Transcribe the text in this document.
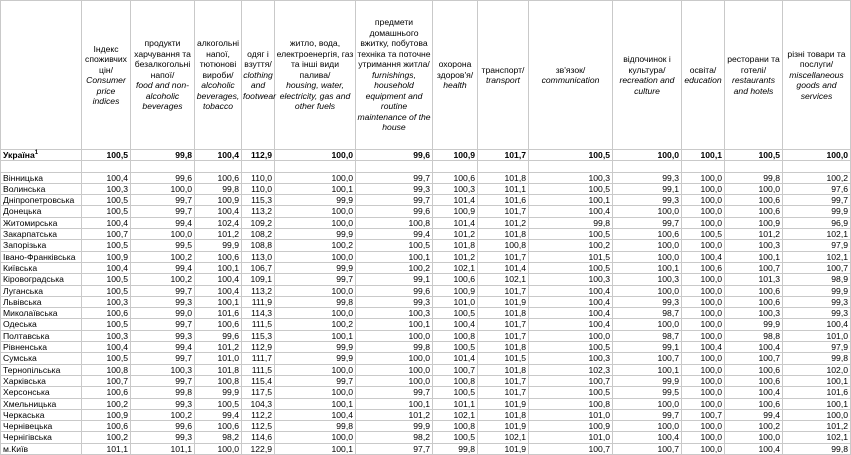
	Індекс споживчих цін/
Consumer price indices	продукти харчування та безалкогольні напої/
food and non-alcoholic beverages	алкогольні напої, тютюнові вироби/
alcoholic beverages, tobacco	одяг і взуття/
clothing and footwear	житло, вода, електроенергія, газ та інші види палива/
housing, water, electricity, gas and other fuels	предмети домашнього вжитку, побутова техніка та поточне утримання житла/
furnishings, household equipment and routine maintenance of the house	охорона здоров'я/
health	транспорт/
transport	зв'язок/
communication	відпочинок і культура/
recreation and culture	освіта/
education	ресторани та готелі/
restaurants and hotels	різні товари та послуги/
miscellaneous goods and services

Україна$^1$	100,5	99,8	100,4	112,9	100,0	99,6	100,9	101,7	100,5	100,0	100,1	100,5	100,0

Вінницька	100,4	99,6	100,6	110,0	100,0	99,7	100,6	101,8	100,3	99,3	100,0	99,8	100,2
Волинська	100,3	100,0	99,8	110,0	100,1	99,3	100,3	101,1	100,5	99,1	100,0	100,0	97,6
Дніпропетровська	100,5	99,7	100,9	115,3	99,9	99,7	101,4	101,6	100,1	99,3	100,0	100,6	99,7
Донецька	100,5	99,7	100,4	113,2	100,0	99,6	100,9	101,7	100,4	100,0	100,0	100,6	99,9
Житомирська	100,4	99,4	102,4	109,2	100,0	100,8	101,4	101,2	99,8	99,7	100,0	100,9	96,9
Закарпатська	100,7	100,0	101,2	108,2	99,9	99,4	101,2	101,8	100,5	100,6	100,5	101,2	102,1
Запорізька	100,5	99,5	99,9	108,8	100,2	100,5	101,8	100,8	100,2	100,0	100,0	100,3	97,9
Івано-Франківська	100,9	100,2	100,6	113,0	100,0	100,1	101,2	101,7	101,5	100,0	100,4	100,1	102,1
Київська	100,4	99,4	100,1	106,7	99,9	100,2	102,1	101,4	100,5	100,1	100,6	100,7	100,7
Кіровоградська	100,5	100,2	100,4	109,1	99,7	99,1	100,6	102,1	100,3	100,3	100,0	101,3	98,9
Луганська	100,5	99,7	100,4	113,2	100,0	99,6	100,9	101,7	100,4	100,0	100,0	100,6	99,9
Львівська	100,3	99,3	100,1	111,9	99,8	99,3	101,0	101,9	100,4	99,3	100,0	100,6	99,3
Миколаївська	100,6	99,0	101,6	114,3	100,0	100,3	100,5	101,8	100,4	98,7	100,0	100,3	99,3
Одеська	100,5	99,7	100,6	111,5	100,2	100,1	100,4	101,7	100,4	100,0	100,0	99,9	100,4
Полтавська	100,3	99,3	99,6	115,3	100,1	100,0	100,8	101,7	100,0	98,7	100,0	98,8	101,0
Рівненська	100,4	99,4	101,2	112,9	99,9	99,8	100,5	101,8	100,5	99,1	100,4	100,4	97,9
Сумська	100,5	99,7	101,0	111,7	99,9	100,0	101,4	101,5	100,3	100,7	100,0	100,7	99,8
Тернопільська	100,8	100,3	101,8	111,5	100,0	100,0	100,7	101,8	102,3	100,1	100,0	100,6	102,0
Харківська	100,7	99,7	100,8	115,4	99,7	100,0	100,8	101,7	100,7	99,9	100,0	100,6	100,1
Херсонська	100,6	99,8	99,9	117,5	100,0	99,7	100,5	101,7	100,5	99,5	100,0	100,4	101,6
Хмельницька	100,2	99,3	100,5	104,3	100,1	100,1	101,1	101,9	100,8	100,0	100,0	100,6	100,1
Черкаська	100,9	100,2	99,4	112,2	100,4	101,2	102,1	101,8	101,0	99,7	100,7	99,4	100,0
Чернівецька	100,6	99,6	100,6	112,5	99,8	99,9	100,8	101,9	100,9	100,0	100,0	100,2	101,2
Чернігівська	100,2	99,3	98,2	114,6	100,0	98,2	100,5	102,1	101,0	100,4	100,0	100,0	102,1
м.Київ	101,1	101,1	100,0	122,9	100,1	97,7	99,8	101,9	100,7	100,7	100,0	100,4	99,8
